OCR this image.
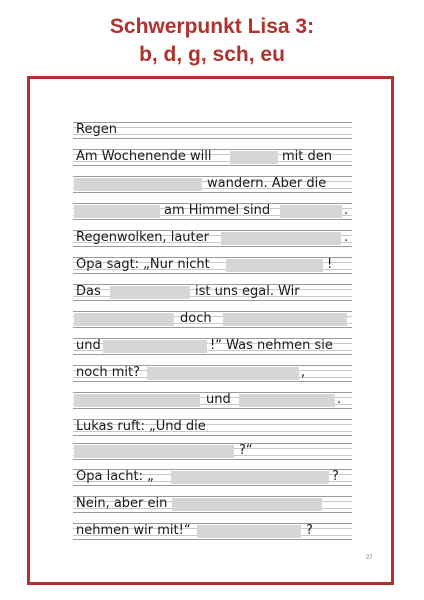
Schwerpunkt Lisa 3:

b, d, g, sch, eu

Regen
Am Wochenende will	mit den
wandern. Aber die
am Himmel sind	.
Regenwolken, lauter	.
Opa sagt: „Nur nicht	!
Das	ist uns egal. Wir
doch
und	!“ Was nehmen sie
noch mit?	,
und	.
Lukas ruft: „Und die
?“
Opa lacht: „	?
Nein, aber ein
nehmen wir mit!“	?
27
